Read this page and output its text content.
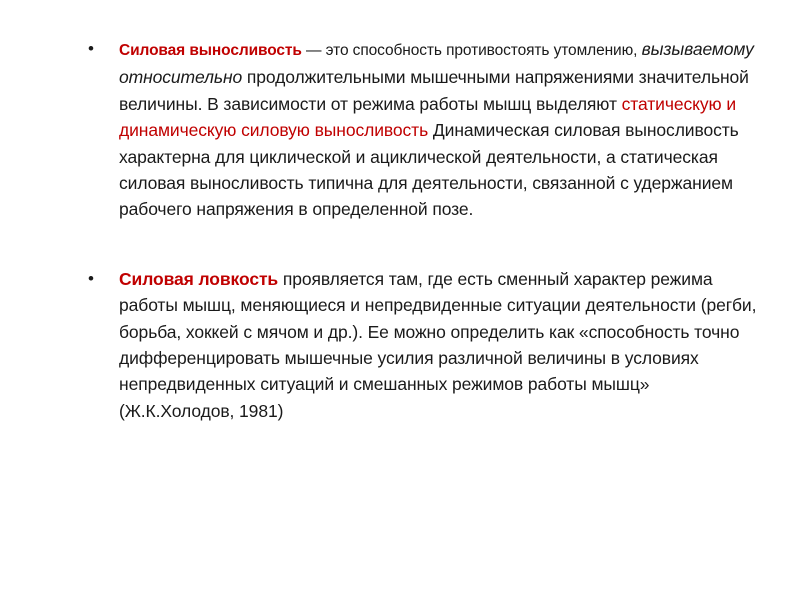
• Силовая выносливость — это способность противостоять утомлению, вызываемому относительно продолжительными мышечными напряжениями значительной величины. В зависимости от режима работы мышц выделяют статическую и динамическую силовую выносливость Динамическая силовая выносливость характерна для циклической и ациклической деятельности, а статическая силовая выносливость типична для деятельности, связанной с удержанием рабочего напряжения в определенной позе.
• Силовая ловкость проявляется там, где есть сменный характер режима работы мышц, меняющиеся и непредвиденные ситуации деятельности (регби, борьба, хоккей с мячом и др.). Ее можно определить как «способность точно дифференцировать мышечные усилия различной величины в условиях непредвиденных ситуаций и смешанных режимов работы мышц» (Ж.К.Холодов, 1981)
